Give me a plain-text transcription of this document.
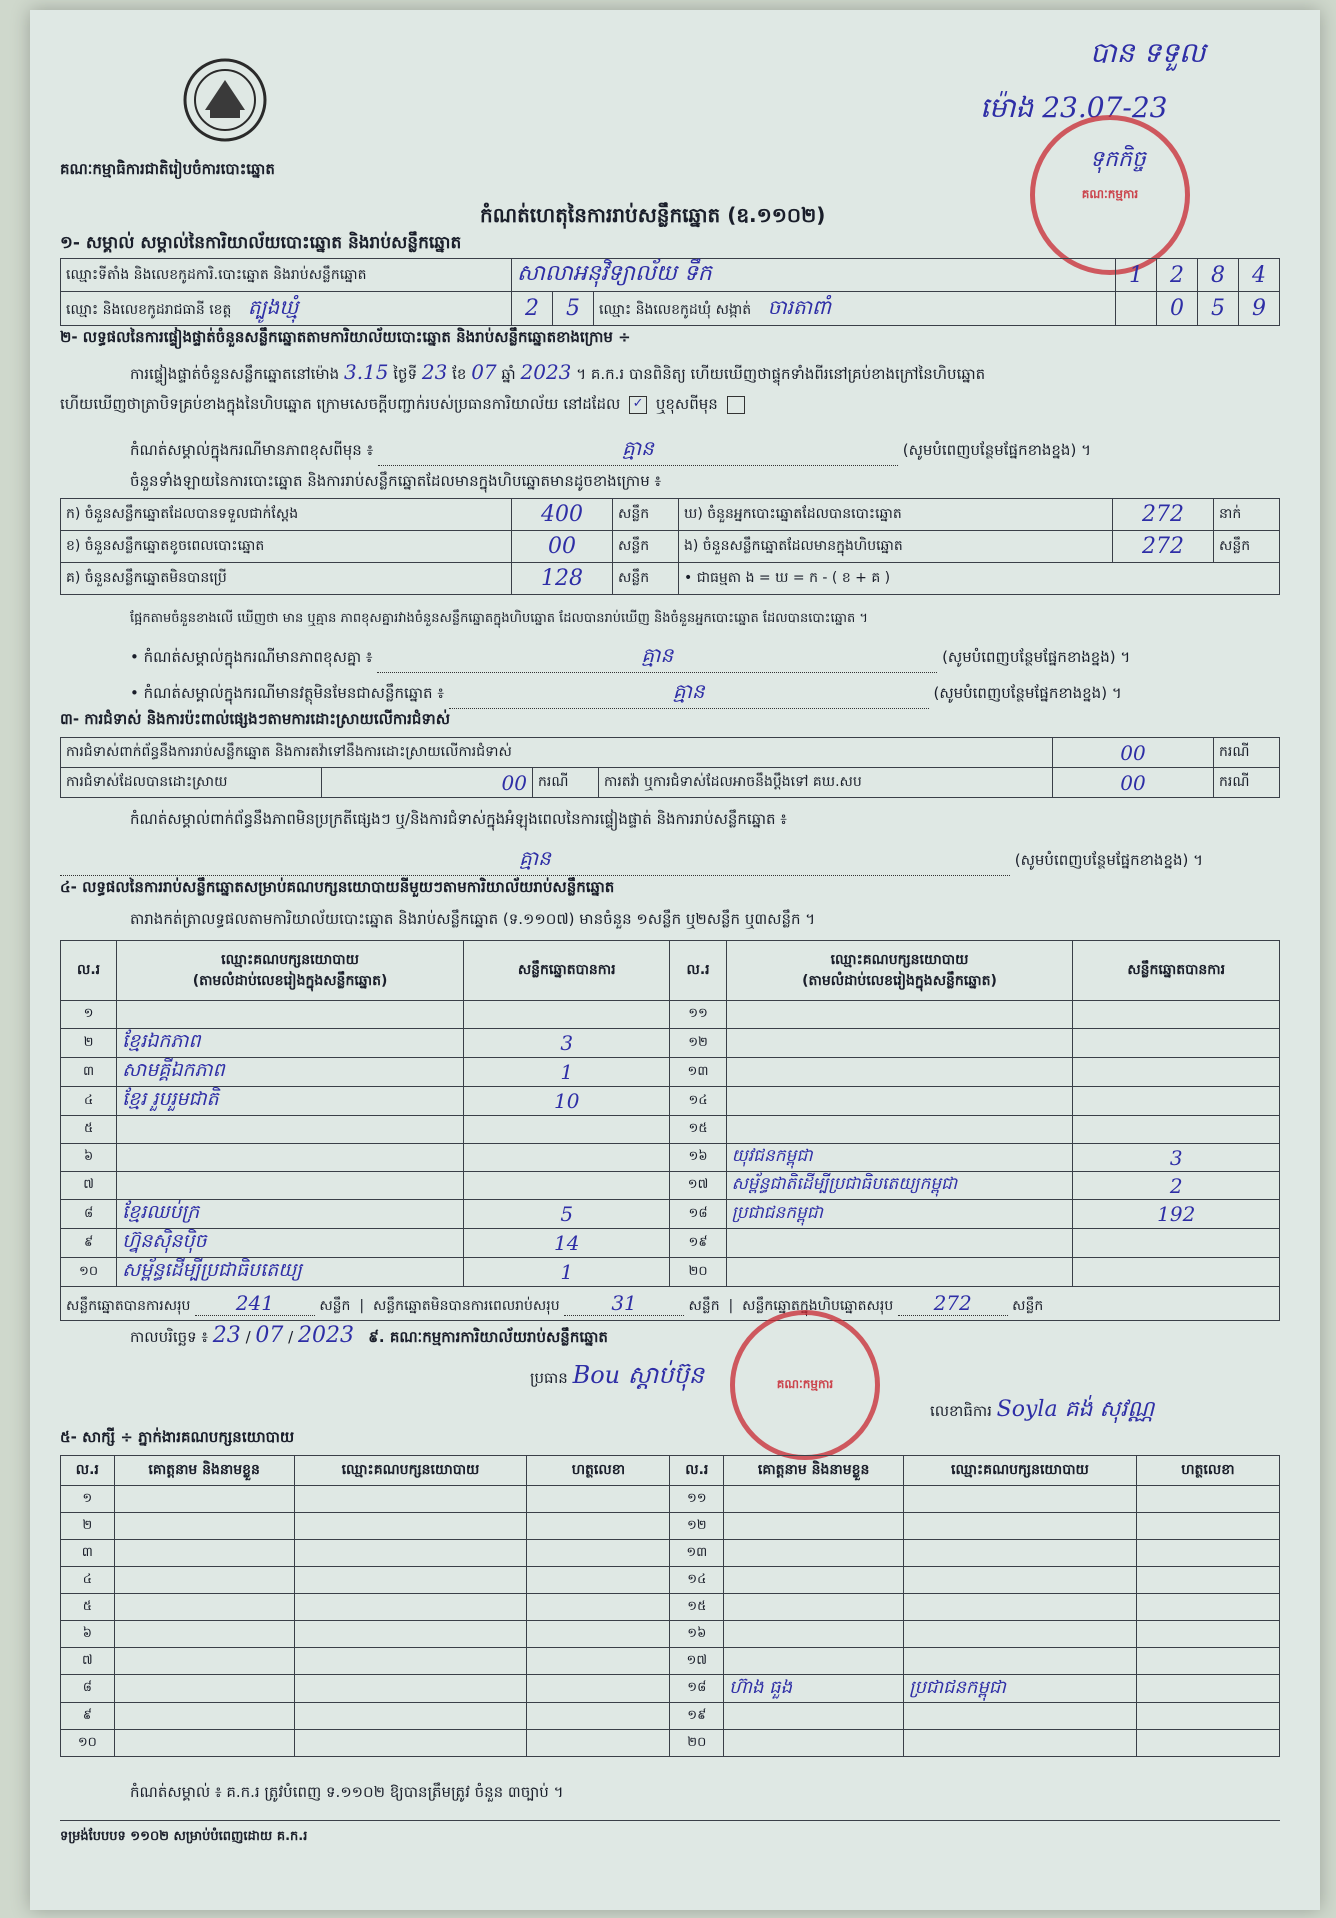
គណៈកម្មាធិការជាតិរៀបចំការបោះឆ្នោត
កំណត់ហេតុនៃការរាប់សន្លឹកឆ្នោត (ឧ.១១០២)
បាន ទទួល
ម៉ោង 23.07-23
ទុកកិច្ច
គណៈកម្មការ
១- សម្គាល់ សម្គាល់នៃការិយាល័យបោះឆ្នោត និងរាប់សន្លឹកឆ្នោត
ឈ្មោះទីតាំង និងលេខកូដការិ.បោះឆ្នោត និងរាប់សន្លឹកឆ្នោត	សាលាអនុវិទ្យាល័យ ទឹក			1	2	8	4
ឈ្មោះ និងលេខកូដរាជធានី ខេត្ត ត្បូងឃ្មុំ	2	5	ឈ្មោះ និងលេខកូដឃុំ សង្កាត់ ចារតាពាំ		0	5	9
២- លទ្ធផលនៃការផ្ទៀងផ្ទាត់ចំនួនសន្លឹកឆ្នោតតាមការិយាល័យបោះឆ្នោត និងរាប់សន្លឹកឆ្នោតខាងក្រោម ÷
ការផ្ទៀងផ្ទាត់ចំនួនសន្លឹកឆ្នោតនៅម៉ោង 3.15 ថ្ងៃទី 23 ខែ 07 ឆ្នាំ 2023 ។ គ.ក.រ បានពិនិត្យ ហើយឃើញថាផ្ទុកទាំងពីរនៅគ្រប់ខាងក្រៅនៃហិបឆ្នោត
ហើយឃើញថាត្រាបិទគ្រប់ខាងក្នុងនៃហិបឆ្នោត ក្រោមសេចក្តីបញ្ជាក់របស់ប្រធានការិយាល័យ នៅដដែល ✓ ឬខុសពីមុន
កំណត់សម្គាល់ក្នុងករណីមានភាពខុសពីមុន ៖	គ្មាន	(សូមបំពេញបន្ថែមផ្នែកខាងខ្នង) ។
ចំនួនទាំងឡាយនៃការបោះឆ្នោត និងការរាប់សន្លឹកឆ្នោតដែលមានក្នុងហិបឆ្នោតមានដូចខាងក្រោម ៖
ក) ចំនួនសន្លឹកឆ្នោតដែលបានទទួលជាក់ស្តែង	400	សន្លឹក	ឃ) ចំនួនអ្នកបោះឆ្នោតដែលបានបោះឆ្នោត	272	នាក់
ខ) ចំនួនសន្លឹកឆ្នោតខូចពេលបោះឆ្នោត	00	សន្លឹក	ង) ចំនួនសន្លឹកឆ្នោតដែលមានក្នុងហិបឆ្នោត	272	សន្លឹក
គ) ចំនួនសន្លឹកឆ្នោតមិនបានប្រើ	128	សន្លឹក	• ជាធម្មតា ង = ឃ = ក - ( ខ + គ )		
ផ្អែកតាមចំនួនខាងលើ ឃើញថា មាន ឬគ្មាន ភាពខុសគ្នារវាងចំនួនសន្លឹកឆ្នោតក្នុងហិបឆ្នោត ដែលបានរាប់ឃើញ និងចំនួនអ្នកបោះឆ្នោត ដែលបានបោះឆ្នោត ។
• កំណត់សម្គាល់ក្នុងករណីមានភាពខុសគ្នា ៖	គ្មាន	(សូមបំពេញបន្ថែមផ្នែកខាងខ្នង) ។
• កំណត់សម្គាល់ក្នុងករណីមានវត្ថុមិនមែនជាសន្លឹកឆ្នោត ៖	គ្មាន	(សូមបំពេញបន្ថែមផ្នែកខាងខ្នង) ។
៣- ការជំទាស់ និងការប៉ះពាល់ផ្សេងៗតាមការដោះស្រាយលើការជំទាស់
ការជំទាស់ពាក់ព័ន្ធនឹងការរាប់សន្លឹកឆ្នោត និងការតវ៉ាទៅនឹងការដោះស្រាយលើការជំទាស់				00	ករណី
ការជំទាស់ដែលបានដោះស្រាយ	00	ករណី	ការតវ៉ា ឬការជំទាស់ដែលអាចនឹងប្តឹងទៅ គឃ.សប	00	ករណី
កំណត់សម្គាល់ពាក់ព័ន្ធនឹងភាពមិនប្រក្រតីផ្សេងៗ ឬ/និងការជំទាស់ក្នុងអំឡុងពេលនៃការផ្ទៀងផ្ទាត់ និងការរាប់សន្លឹកឆ្នោត ៖
គ្មាន	(សូមបំពេញបន្ថែមផ្នែកខាងខ្នង) ។
៤- លទ្ធផលនៃការរាប់សន្លឹកឆ្នោតសម្រាប់គណបក្សនយោបាយនីមួយៗតាមការិយាល័យរាប់សន្លឹកឆ្នោត
តារាងកត់ត្រាលទ្ធផលតាមការិយាល័យបោះឆ្នោត និងរាប់សន្លឹកឆ្នោត (ទ.១១០៧) មានចំនួន ១សន្លឹក ឬ២សន្លឹក ឬ៣សន្លឹក ។
ល.រ	ឈ្មោះគណបក្សនយោបាយ
(តាមលំដាប់លេខរៀងក្នុងសន្លឹកឆ្នោត)	សន្លឹកឆ្នោតបានការ	ល.រ	ឈ្មោះគណបក្សនយោបាយ
(តាមលំដាប់លេខរៀងក្នុងសន្លឹកឆ្នោត)	សន្លឹកឆ្នោតបានការ
១			១១		
២	ខ្មែរឯកភាព	3	១២		
៣	សាមគ្គីឯកភាព	1	១៣		
៤	ខ្មែរ រួបរួមជាតិ	10	១៤		
៥			១៥		
៦			១៦	យុវជនកម្ពុជា	3
៧			១៧	សម្ព័ន្ធជាតិដើម្បីប្រជាធិបតេយ្យកម្ពុជា	2
៨	ខ្មែរឈប់ក្រ	5	១៨	ប្រជាជនកម្ពុជា	192
៩	ហ្វ៊ុនស៊ិនប៉ិច	14	១៩		
១០	សម្ព័ន្ធដើម្បីប្រជាធិបតេយ្យ	1	២០		
សន្លឹកឆ្នោតបានការសរុប 241 សន្លឹក  |  សន្លឹកឆ្នោតមិនបានការពេលរាប់សរុប 31 សន្លឹក  |  សន្លឹកឆ្នោតក្នុងហិបឆ្នោតសរុប 272 សន្លឹក					
កាលបរិច្ឆេទ ៖ 23 / 07 / 2023 ៩. គណៈកម្មការការិយាល័យរាប់សន្លឹកឆ្នោត
ប្រធាន Bou ស្តាប់ប៊ុន
លេខាធិការ Soyla គង់ សុវណ្ណ
គណៈកម្មការ
៥- សាក្សី ÷ ភ្នាក់ងារគណបក្សនយោបាយ
ល.រ	គោត្តនាម និងនាមខ្លួន	ឈ្មោះគណបក្សនយោបាយ	ហត្ថលេខា	ល.រ	គោត្តនាម និងនាមខ្លួន	ឈ្មោះគណបក្សនយោបាយ	ហត្ថលេខា
១				១១			
២				១២			
៣				១៣			
៤				១៤			
៥				១៥			
៦				១៦			
៧				១៧			
៨				១៨	ហ៊ាង ធួង	ប្រជាជនកម្ពុជា	
៩				១៩			
១០				២០			
កំណត់សម្គាល់ ៖ គ.ក.រ ត្រូវបំពេញ ទ.១១០២ ឱ្យបានត្រឹមត្រូវ ចំនួន ៣ច្បាប់ ។
ទម្រង់បែបបទ ១១០២ សម្រាប់បំពេញដោយ គ.ក.រ
